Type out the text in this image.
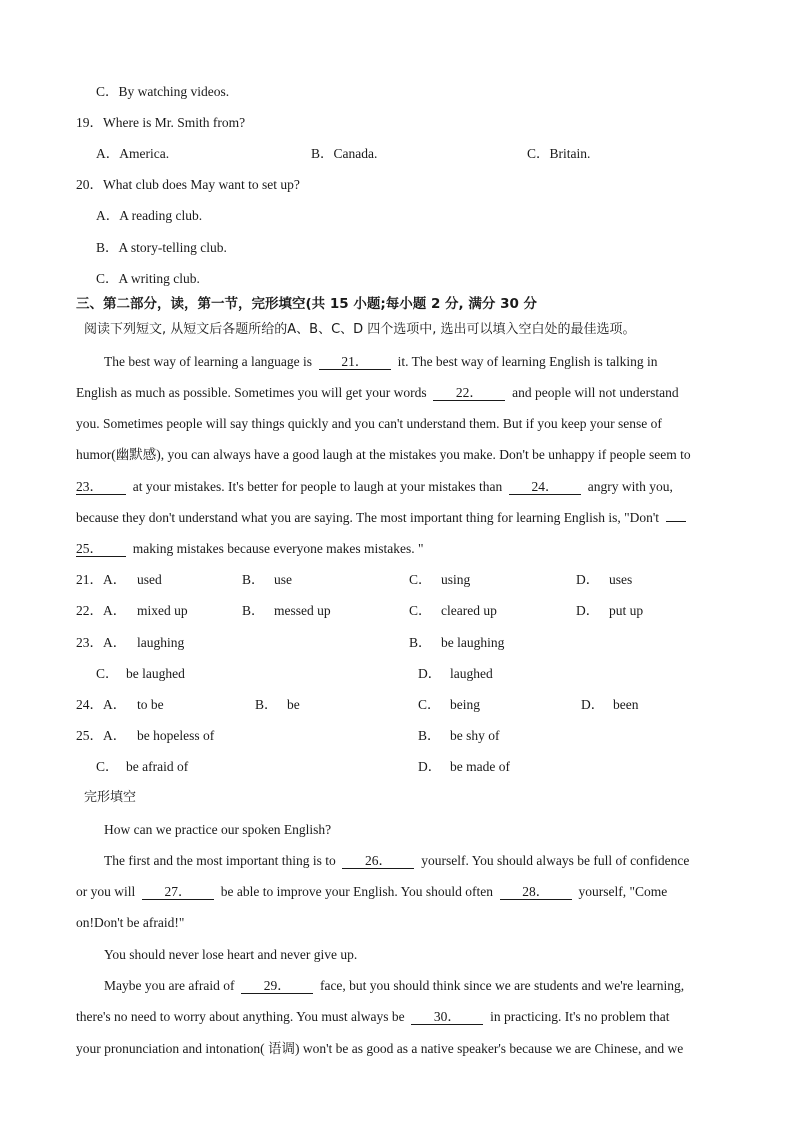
C．By watching videos.
19．Where is Mr. Smith from?
A．America.	B．Canada.	C．Britain.
20．What club does May want to set up?
A．A reading club.
B．A story-telling club.
C．A writing club.
三、第二部分，读，第一节，完形填空(共 15 小题;每小题 2 分, 满分 30 分
阅读下列短文, 从短文后各题所给的A、B、C、D 四个选项中, 选出可以填入空白处的最佳选项。
The best way of learning a language is 21． it. The best way of learning English is talking in
English as much as possible. Sometimes you will get your words 22． and people will not understand
you. Sometimes people will say things quickly and you can't understand them. But if you keep your sense of
humor(幽默感), you can always have a good laugh at the mistakes you make. Don't be unhappy if people seem to
23． at your mistakes. It's better for people to laugh at your mistakes than 24． angry with you,
because they don't understand what you are saying. The most important thing for learning English is, "Don't
25． making mistakes because everyone makes mistakes. "
21．A． used	B． use	C． using	D． uses
22．A． mixed up	B． messed up	C． cleared up	D． put up
23．A． laughing	B． be laughing
C． be laughed	D． laughed
24．A． to be	B． be	C． being	D． been
25．A． be hopeless of	B． be shy of
C． be afraid of	D． be made of
完形填空
How can we practice our spoken English?
The first and the most important thing is to 26． yourself. You should always be full of confidence
or you will 27． be able to improve your English. You should often 28． yourself, "Come
on!Don't be afraid!"
You should never lose heart and never give up.
Maybe you are afraid of 29． face, but you should think since we are students and we're learning,
there's no need to worry about anything. You must always be 30． in practicing. It's no problem that
your pronunciation and intonation( 语调) won't be as good as a native speaker's because we are Chinese, and we
